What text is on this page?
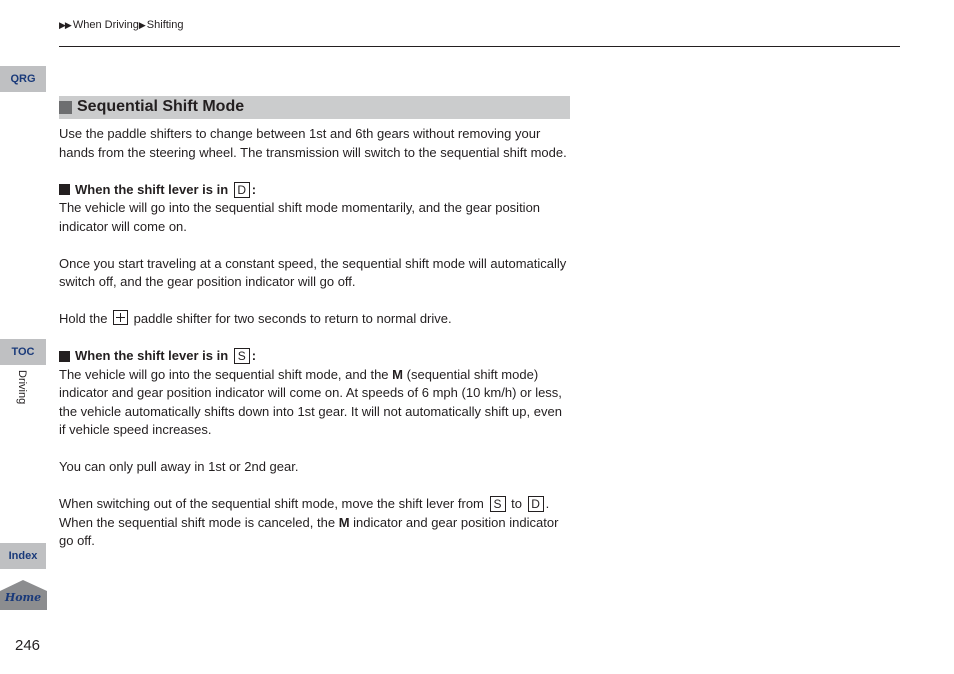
▶▶ When Driving▶ Shifting
QRG
TOC
Driving
Index
Home
246
Sequential Shift Mode

Use the paddle shifters to change between 1st and 6th gears without removing your hands from the steering wheel. The transmission will switch to the sequential shift mode.

When the shift lever is in
D :

The vehicle will go into the sequential shift mode momentarily, and the gear position indicator will come on.

Once you start traveling at a constant speed, the sequential shift mode will automatically switch off, and the gear position indicator will go off.

Hold the paddle shifter for two seconds to return to normal drive.

When the shift lever is in
S :

The vehicle will go into the sequential shift mode, and the M (sequential shift mode) indicator and gear position indicator will come on. At speeds of 6 mph (10 km/h) or less, the vehicle automatically shifts down into 1st gear. It will not automatically shift up, even if vehicle speed increases.

You can only pull away in 1st or 2nd gear.

When switching out of the sequential shift mode, move the shift lever from S to D . When the sequential shift mode is canceled, the M indicator and gear position indicator go off.
